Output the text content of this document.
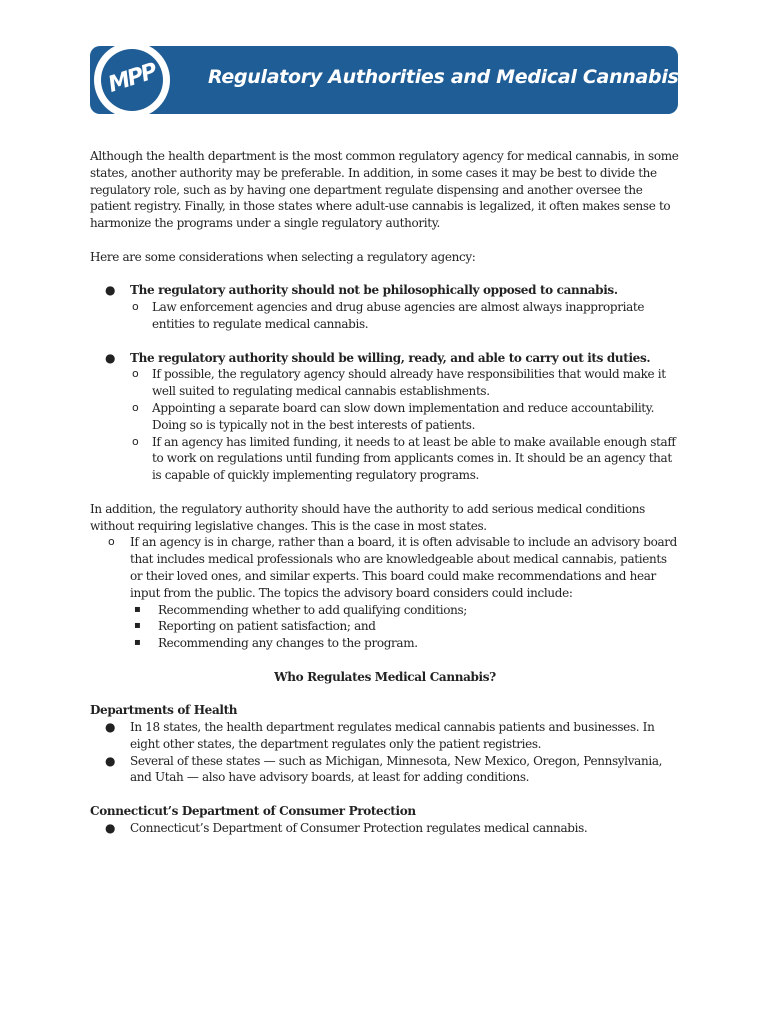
MPP	Regulatory Authorities and Medical Cannabis

Although the health department is the most common regulatory agency for medical cannabis, in some states, another authority may be preferable. In addition, in some cases it may be best to divide the regulatory role, such as by having one department regulate dispensing and another oversee the patient registry. Finally, in those states where adult-use cannabis is legalized, it often makes sense to harmonize the programs under a single regulatory authority.

Here are some considerations when selecting a regulatory agency:

● The regulatory authority should not be philosophically opposed to cannabis.
o Law enforcement agencies and drug abuse agencies are almost always inappropriate entities to regulate medical cannabis.
● The regulatory authority should be willing, ready, and able to carry out its duties.
o If possible, the regulatory agency should already have responsibilities that would make it well suited to regulating medical cannabis establishments.
o Appointing a separate board can slow down implementation and reduce accountability. Doing so is typically not in the best interests of patients.
o If an agency has limited funding, it needs to at least be able to make available enough staff to work on regulations until funding from applicants comes in. It should be an agency that is capable of quickly implementing regulatory programs.

In addition, the regulatory authority should have the authority to add serious medical conditions without requiring legislative changes. This is the case in most states.

o If an agency is in charge, rather than a board, it is often advisable to include an advisory board that includes medical professionals who are knowledgeable about medical cannabis, patients or their loved ones, and similar experts. This board could make recommendations and hear input from the public. The topics the advisory board considers could include:
▪ Recommending whether to add qualifying conditions;
▪ Reporting on patient satisfaction; and
▪ Recommending any changes to the program.

Who Regulates Medical Cannabis?

Departments of Health

● In 18 states, the health department regulates medical cannabis patients and businesses. In eight other states, the department regulates only the patient registries.
● Several of these states — such as Michigan, Minnesota, New Mexico, Oregon, Pennsylvania, and Utah — also have advisory boards, at least for adding conditions.

Connecticut’s Department of Consumer Protection

● Connecticut’s Department of Consumer Protection regulates medical cannabis.
